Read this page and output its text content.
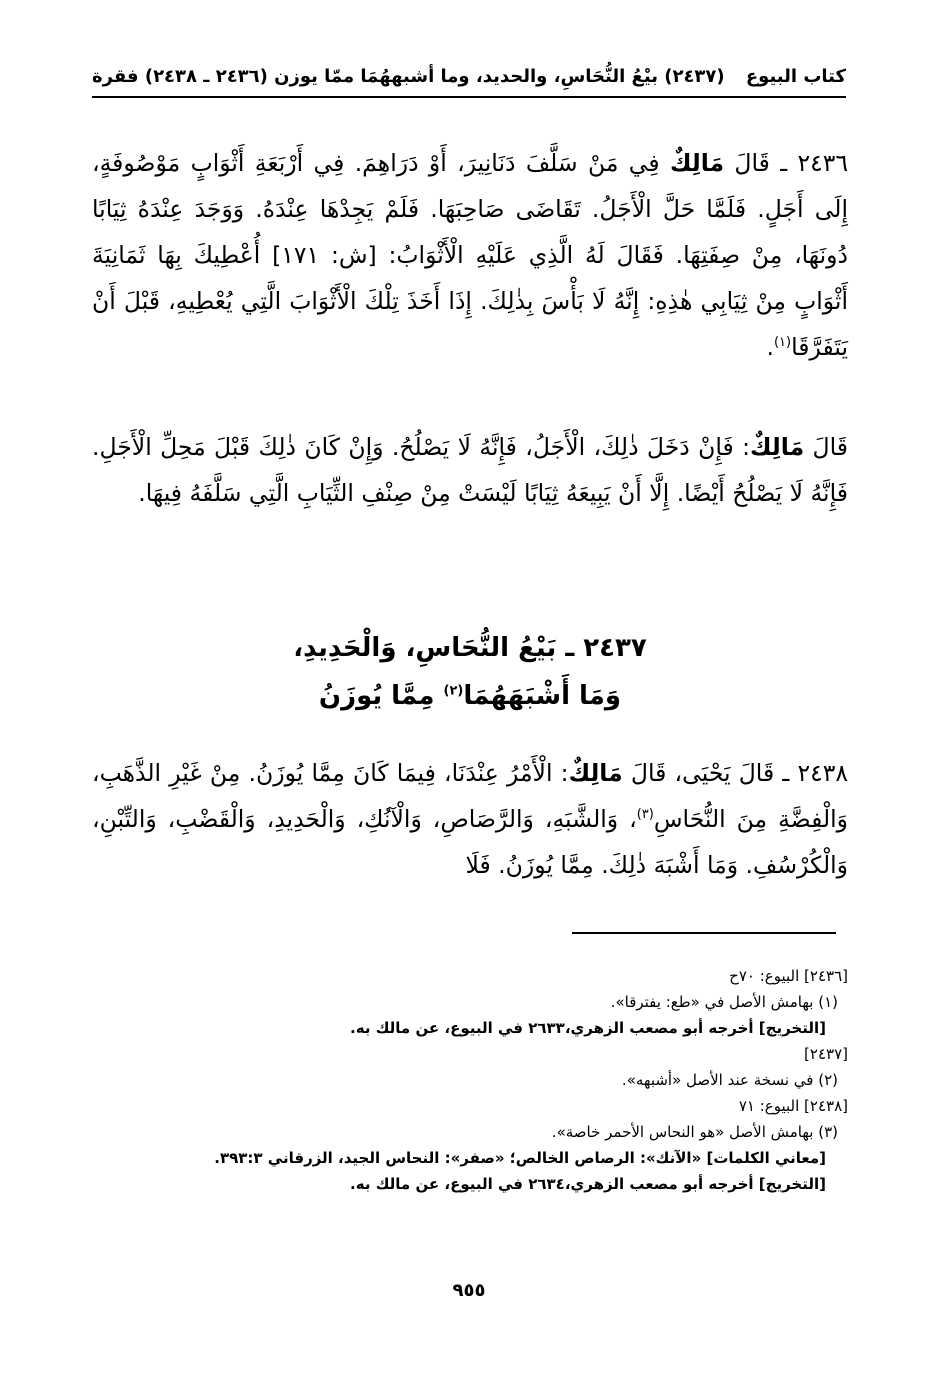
كتاب البيوع
(٢٤٣٧) بيْعُ النُّحَاسِ، والحديد، وما أشبههُمَا ممّا يوزن (٢٤٣٦ ـ ٢٤٣٨) فقرة
٢٤٣٦ ـ قَالَ مَالِكٌ فِي مَنْ سَلَّفَ دَنَانِيرَ، أَوْ دَرَاهِمَ. فِي أَرْبَعَةِ أَثْوَابٍ مَوْصُوفَةٍ، إِلَى أَجَلٍ. فَلَمَّا حَلَّ الْأَجَلُ. تَقَاضَى صَاحِبَهَا. فَلَمْ يَجِدْهَا عِنْدَهُ. وَوَجَدَ عِنْدَهُ ثِيَابًا دُونَهَا، مِنْ صِفَتِهَا. فَقَالَ لَهُ الَّذِي عَلَيْهِ الْأَثْوَابُ: [ش: ١٧١] أُعْطِيكَ بِهَا ثَمَانِيَةَ أَثْوَابٍ مِنْ ثِيَابِي هٰذِهِ: إِنَّهُ لَا بَأْسَ بِذٰلِكَ. إِذَا أَخَذَ تِلْكَ الْأَثْوَابَ الَّتِي يُعْطِيهِ، قَبْلَ أَنْ يَتَفَرَّقَا$^{(١)}$.
قَالَ مَالِكٌ: فَإِنْ دَخَلَ ذٰلِكَ، الْأَجَلُ، فَإِنَّهُ لَا يَصْلُحُ. وَإِنْ كَانَ ذٰلِكَ قَبْلَ مَحِلِّ الْأَجَلِ. فَإِنَّهُ لَا يَصْلُحُ أَيْضًا. إِلَّا أَنْ يَبِيعَهُ ثِيَابًا لَيْسَتْ مِنْ صِنْفِ الثِّيَابِ الَّتِي سَلَّفَهُ فِيهَا.
٢٤٣٧ ـ بَيْعُ النُّحَاسِ، وَالْحَدِيدِ،
وَمَا أَشْبَهَهُمَا$^{(٢)}$ مِمَّا يُوزَنُ
٢٤٣٨ ـ قَالَ يَحْيَى، قَالَ مَالِكٌ: الْأَمْرُ عِنْدَنَا، فِيمَا كَانَ مِمَّا يُوزَنُ. مِنْ غَيْرِ الذَّهَبِ، وَالْفِضَّةِ مِنَ النُّحَاسِ$^{(٣)}$، وَالشَّبَهِ، وَالرَّصَاصِ، وَالْآنُكِ، وَالْحَدِيدِ، وَالْقَضْبِ، وَالتِّبْنِ، وَالْكُرْسُفِ. وَمَا أَشْبَهَ ذٰلِكَ. مِمَّا يُوزَنُ. فَلَا
[٢٤٣٦] البيوع: ٧٠ح
(١) بهامش الأصل في «طع: يفترقا».
[التخريج] أخرجه أبو مصعب الزهري،٢٦٣٣ في البيوع، عن مالك به.
[٢٤٣٧]
(٢) في نسخة عند الأصل «أشبهه».
[٢٤٣٨] البيوع: ٧١
(٣) بهامش الأصل «هو النحاس الأحمر خاصة».
[معاني الكلمات] «الآنك»: الرصاص الخالص؛ «صفر»: النحاس الجيد، الزرقاني ٣٩٣:٣.
[التخريج] أخرجه أبو مصعب الزهري،٢٦٣٤ في البيوع، عن مالك به.
٩٥٥
